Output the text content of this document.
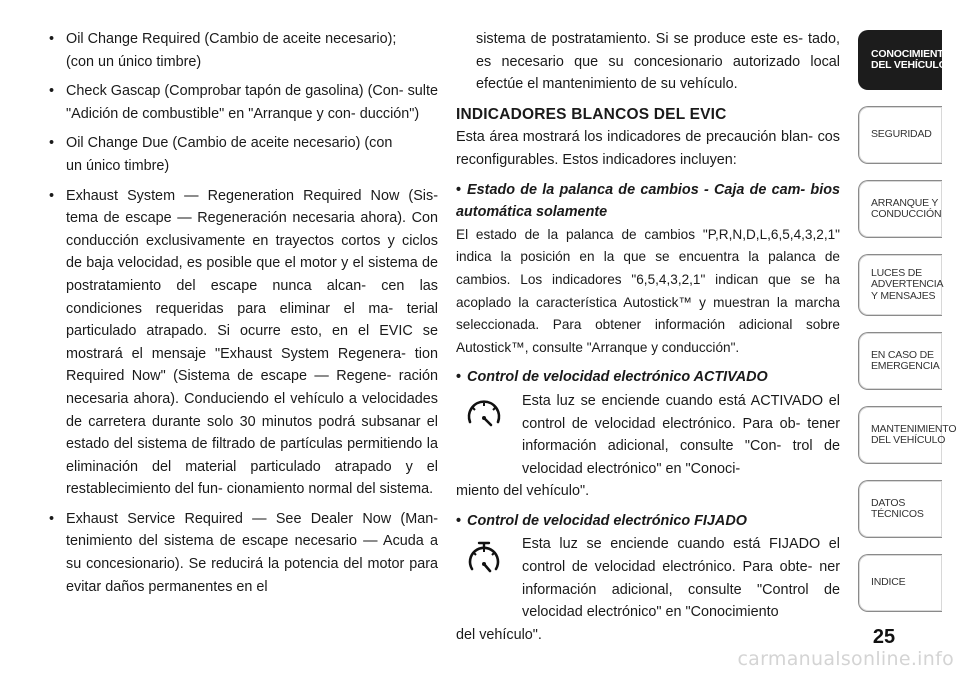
• Oil Change Required (Cambio de aceite necesario);
(con un único timbre)

• Check Gascap (Comprobar tapón de gasolina) (Con- sulte "Adición de combustible" en "Arranque y con- ducción")

• Oil Change Due (Cambio de aceite necesario) (con
un único timbre)

• Exhaust System — Regeneration Required Now (Sis- tema de escape — Regeneración necesaria ahora). Con conducción exclusivamente en trayectos cortos y ciclos de baja velocidad, es posible que el motor y el sistema de postratamiento del escape nunca alcan- cen las condiciones requeridas para eliminar el ma- terial particulado atrapado. Si ocurre esto, en el EVIC se mostrará el mensaje "Exhaust System Regenera- tion Required Now" (Sistema de escape — Regene- ración necesaria ahora). Conduciendo el vehículo a velocidades de carretera durante solo 30 minutos podrá subsanar el estado del sistema de filtrado de partículas permitiendo la eliminación del material particulado atrapado y el restablecimiento del fun- cionamiento normal del sistema.

• Exhaust Service Required — See Dealer Now (Man- tenimiento del sistema de escape necesario — Acuda a su concesionario). Se reducirá la potencia del motor para evitar daños permanentes en el

sistema de postratamiento. Si se produce este es- tado, es necesario que su concesionario autorizado local efectúe el mantenimiento de su vehículo.

INDICADORES BLANCOS DEL EVIC

Esta área mostrará los indicadores de precaución blan- cos reconfigurables. Estos indicadores incluyen:

• Estado de la palanca de cambios - Caja de cam- bios automática solamente

El estado de la palanca de cambios "P,R,N,D,L,6,5,4,3,2,1" indica la posición en la que se encuentra la palanca de cambios. Los indicadores "6,5,4,3,2,1" indican que se ha acoplado la característica Autostick™ y muestran la marcha seleccionada. Para obtener información adicional sobre Autostick™, consulte "Arranque y conducción".

• Control de velocidad electrónico ACTIVADO

Esta luz se enciende cuando está ACTIVADO el control de velocidad electrónico. Para ob- tener información adicional, consulte "Con- trol de velocidad electrónico" en "Conoci-

miento del vehículo".

• Control de velocidad electrónico FIJADO

Esta luz se enciende cuando está FIJADO el control de velocidad electrónico. Para obte- ner información adicional, consulte "Control de velocidad electrónico" en "Conocimiento

del vehículo".

CONOCIMIENTO DEL VEHÍCULO
SEGURIDAD
ARRANQUE Y CONDUCCIÓN
LUCES DE ADVERTENCIA Y MENSAJES
EN CASO DE EMERGENCIA
MANTENIMIENTO DEL VEHÍCULO
DATOS TÉCNICOS
INDICE
25
carmanualsonline.info
